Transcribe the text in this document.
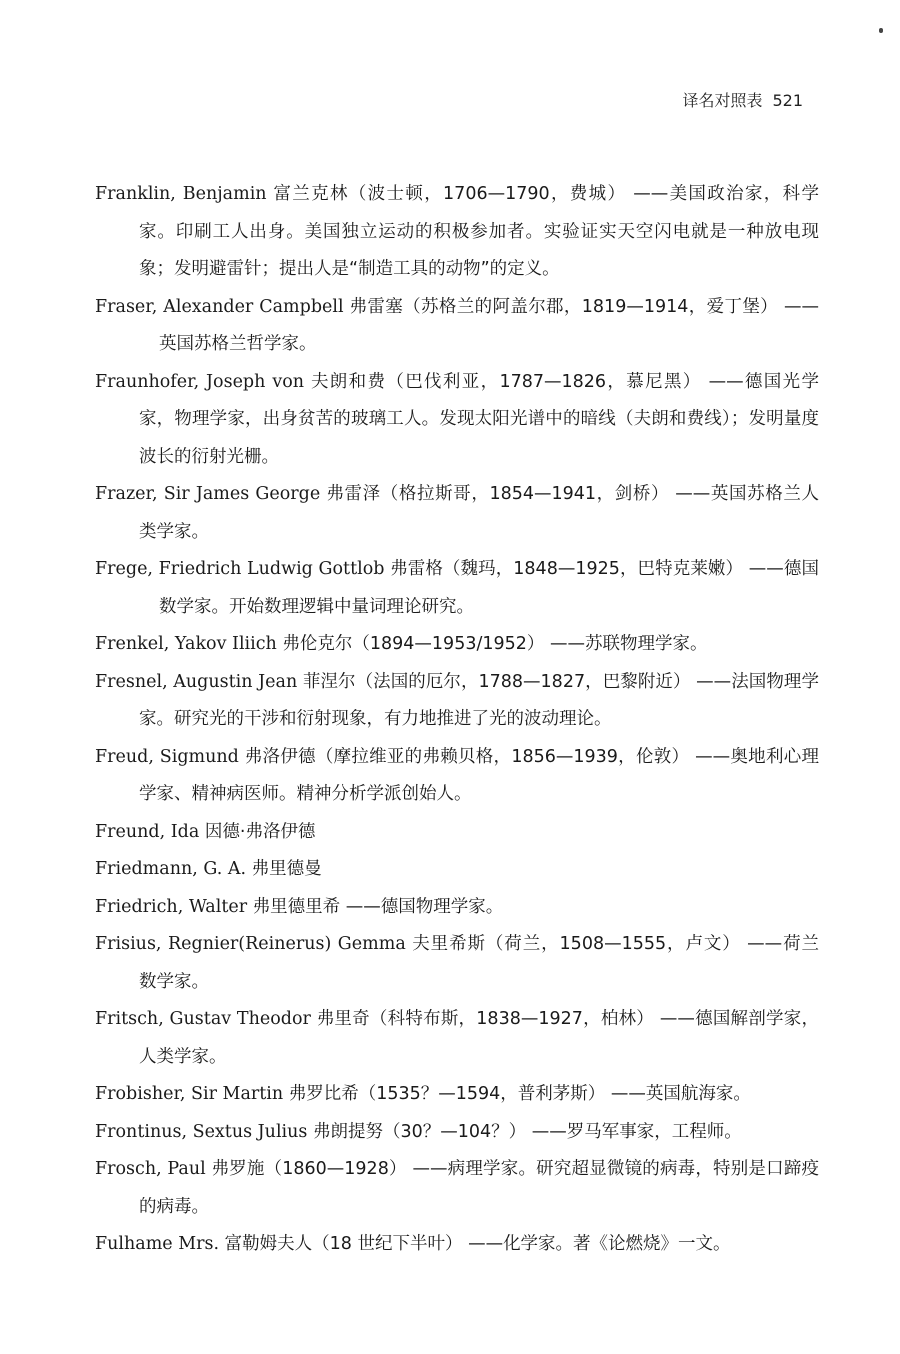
译名对照表 521

Franklin, Benjamin 富兰克林（波士顿，1706—1790，费城） ——美国政治家，科学家。印刷工人出身。美国独立运动的积极参加者。实验证实天空闪电就是一种放电现象；发明避雷针；提出人是“制造工具的动物”的定义。

Fraser, Alexander Campbell 弗雷塞（苏格兰的阿盖尔郡，1819—1914，爱丁堡） ——英国苏格兰哲学家。

Fraunhofer, Joseph von 夫朗和费（巴伐利亚，1787—1826，慕尼黑） ——德国光学家，物理学家，出身贫苦的玻璃工人。发现太阳光谱中的暗线（夫朗和费线）；发明量度波长的衍射光栅。

Frazer, Sir James George 弗雷泽（格拉斯哥，1854—1941，剑桥） ——英国苏格兰人类学家。

Frege, Friedrich Ludwig Gottlob 弗雷格（魏玛，1848—1925，巴特克莱嫩） ——德国数学家。开始数理逻辑中量词理论研究。

Frenkel, Yakov Iliich 弗伦克尔（1894—1953/1952） ——苏联物理学家。

Fresnel, Augustin Jean 菲涅尔（法国的厄尔，1788—1827，巴黎附近） ——法国物理学家。研究光的干涉和衍射现象，有力地推进了光的波动理论。

Freud, Sigmund 弗洛伊德（摩拉维亚的弗赖贝格，1856—1939，伦敦） ——奥地利心理学家、精神病医师。精神分析学派创始人。

Freund, Ida 因德·弗洛伊德

Friedmann, G. A. 弗里德曼

Friedrich, Walter 弗里德里希 ——德国物理学家。

Frisius, Regnier(Reinerus) Gemma 夫里希斯（荷兰，1508—1555，卢文） ——荷兰数学家。

Fritsch, Gustav Theodor 弗里奇（科特布斯，1838—1927，柏林） ——德国解剖学家，人类学家。

Frobisher, Sir Martin 弗罗比希（1535？—1594，普利茅斯） ——英国航海家。

Frontinus, Sextus Julius 弗朗提努（30？—104？） ——罗马军事家，工程师。

Frosch, Paul 弗罗施（1860—1928） ——病理学家。研究超显微镜的病毒，特别是口蹄疫的病毒。

Fulhame Mrs. 富勒姆夫人（18 世纪下半叶） ——化学家。著《论燃烧》一文。
